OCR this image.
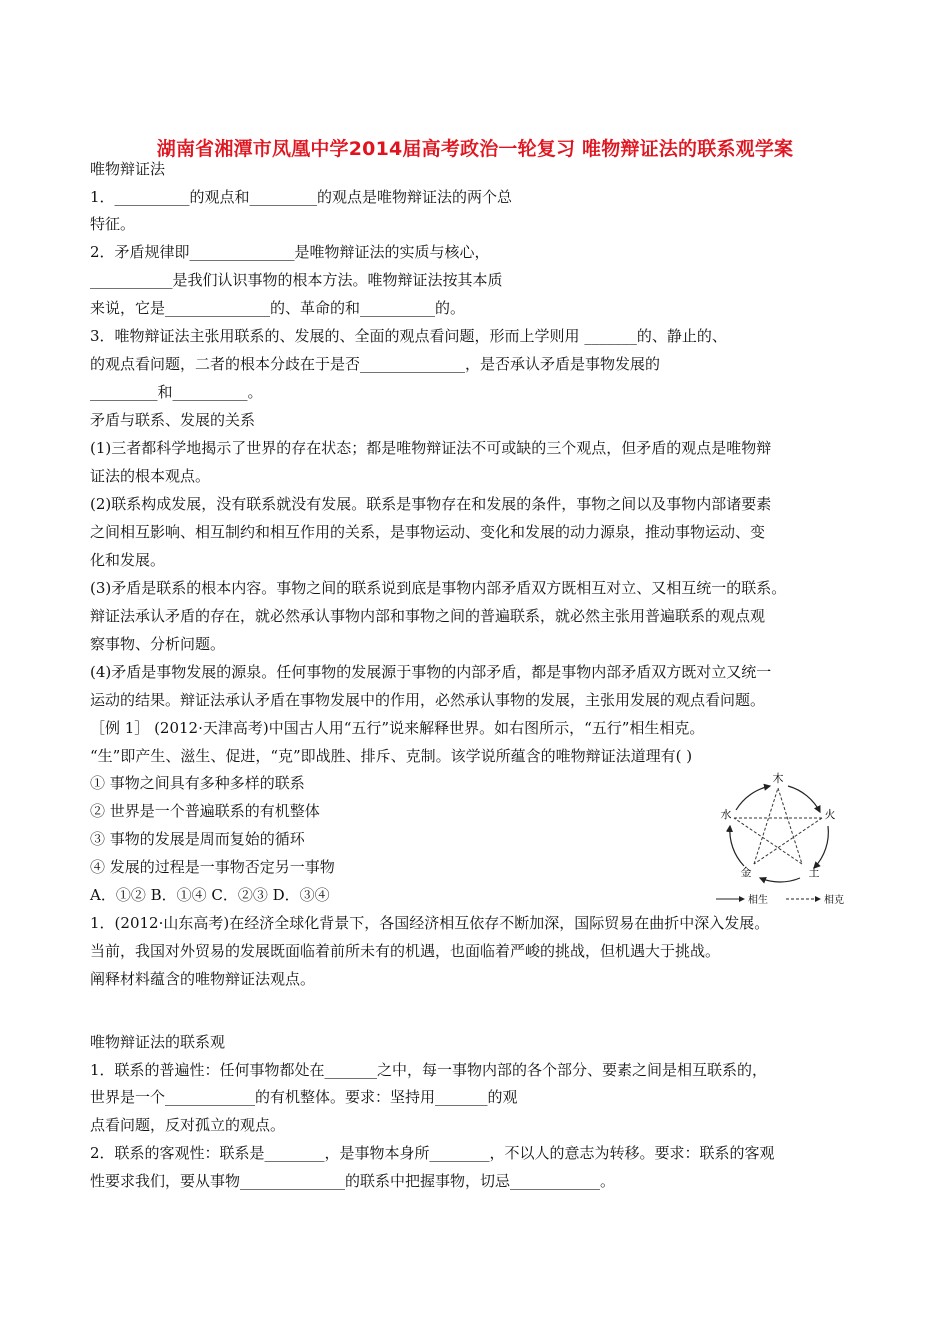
湖南省湘潭市凤凰中学2014届高考政治一轮复习 唯物辩证法的联系观学案
唯物辩证法
1．__________的观点和_________的观点是唯物辩证法的两个总
特征。
2．矛盾规律即______________是唯物辩证法的实质与核心，
___________是我们认识事物的根本方法。唯物辩证法按其本质
来说，它是______________的、革命的和__________的。
3．唯物辩证法主张用联系的、发展的、全面的观点看问题，形而上学则用 _______的、静止的、
的观点看问题，二者的根本分歧在于是否______________，是否承认矛盾是事物发展的
_________和__________。
矛盾与联系、发展的关系
(1)三者都科学地揭示了世界的存在状态；都是唯物辩证法不可或缺的三个观点，但矛盾的观点是唯物辩
证法的根本观点。
(2)联系构成发展，没有联系就没有发展。联系是事物存在和发展的条件，事物之间以及事物内部诸要素
之间相互影响、相互制约和相互作用的关系，是事物运动、变化和发展的动力源泉，推动事物运动、变
化和发展。
(3)矛盾是联系的根本内容。事物之间的联系说到底是事物内部矛盾双方既相互对立、又相互统一的联系。
辩证法承认矛盾的存在，就必然承认事物内部和事物之间的普遍联系，就必然主张用普遍联系的观点观
察事物、分析问题。
(4)矛盾是事物发展的源泉。任何事物的发展源于事物的内部矛盾，都是事物内部矛盾双方既对立又统一
运动的结果。辩证法承认矛盾在事物发展中的作用，必然承认事物的发展，主张用发展的观点看问题。
［例 1］ (2012·天津高考)中国古人用“五行”说来解释世界。如右图所示，“五行”相生相克。
“生”即产生、滋生、促进，“克”即战胜、排斥、克制。该学说所蕴含的唯物辩证法道理有( )
① 事物之间具有多种多样的联系
② 世界是一个普遍联系的有机整体
③ 事物的发展是周而复始的循环
④ 发展的过程是一事物否定另一事物
A．①② B．①④ C．②③ D．③④
1．(2012·山东高考)在经济全球化背景下，各国经济相互依存不断加深，国际贸易在曲折中深入发展。
当前，我国对外贸易的发展既面临着前所未有的机遇，也面临着严峻的挑战，但机遇大于挑战。
阐释材料蕴含的唯物辩证法观点。
唯物辩证法的联系观
1．联系的普遍性：任何事物都处在_______之中，每一事物内部的各个部分、要素之间是相互联系的，
世界是一个____________的有机整体。要求：坚持用_______的观
点看问题，反对孤立的观点。
2．联系的客观性：联系是________，是事物本身所________，不以人的意志为转移。要求：联系的客观
性要求我们，要从事物______________的联系中把握事物，切忌____________。
木
火
土
金
水
相生	相克
